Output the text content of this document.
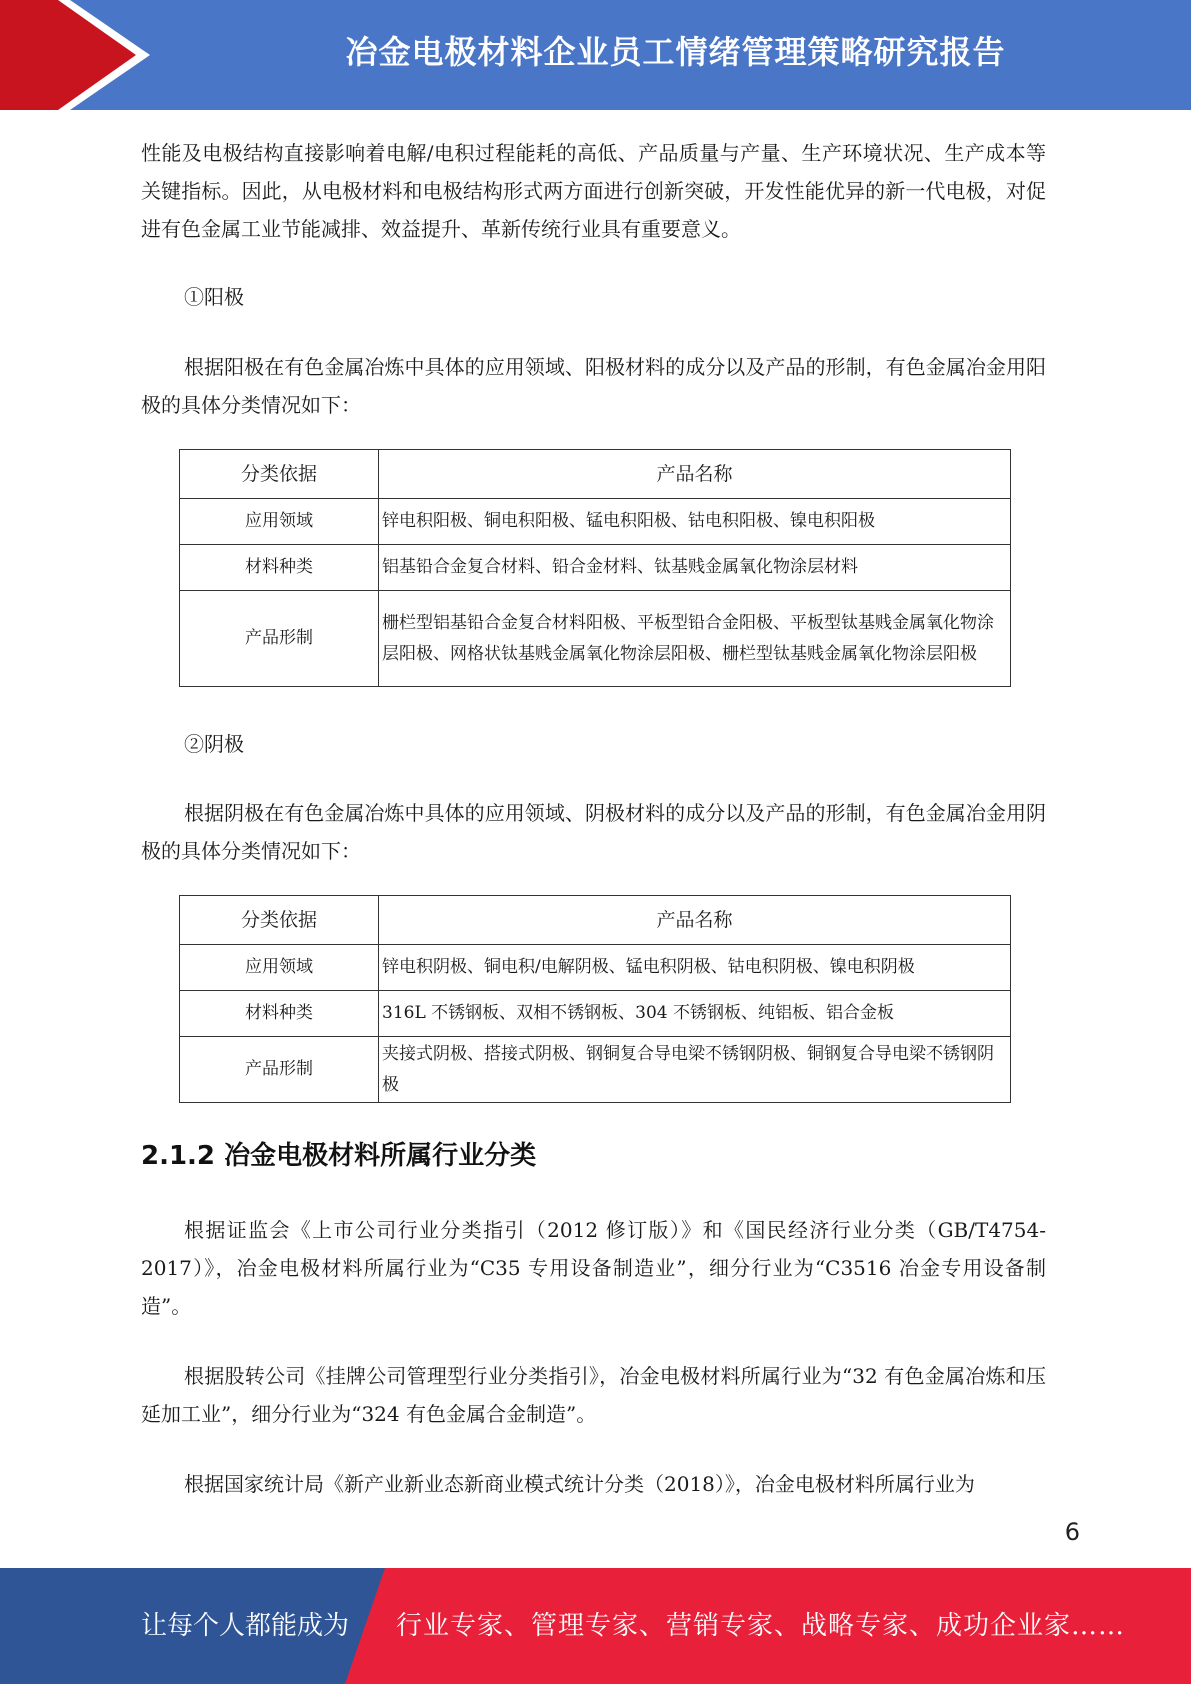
冶金电极材料企业员工情绪管理策略研究报告

性能及电极结构直接影响着电解/电积过程能耗的高低、产品质量与产量、生产环境状况、生产成本等关键指标。因此，从电极材料和电极结构形式两方面进行创新突破，开发性能优异的新一代电极，对促进有色金属工业节能减排、效益提升、革新传统行业具有重要意义。

①阳极

根据阳极在有色金属冶炼中具体的应用领域、阳极材料的成分以及产品的形制，有色金属冶金用阳极的具体分类情况如下：

分类依据	产品名称
应用领域	锌电积阳极、铜电积阳极、锰电积阳极、钴电积阳极、镍电积阳极
材料种类	铝基铅合金复合材料、铅合金材料、钛基贱金属氧化物涂层材料
产品形制	栅栏型铝基铅合金复合材料阳极、平板型铅合金阳极、平板型钛基贱金属氧化物涂层阳极、网格状钛基贱金属氧化物涂层阳极、栅栏型钛基贱金属氧化物涂层阳极

②阴极

根据阴极在有色金属冶炼中具体的应用领域、阴极材料的成分以及产品的形制，有色金属冶金用阴极的具体分类情况如下：

分类依据	产品名称
应用领域	锌电积阴极、铜电积/电解阴极、锰电积阴极、钴电积阴极、镍电积阴极
材料种类	316L 不锈钢板、双相不锈钢板、304 不锈钢板、纯铝板、铝合金板
产品形制	夹接式阴极、搭接式阴极、钢铜复合导电梁不锈钢阴极、铜钢复合导电梁不锈钢阴极
2.1.2 冶金电极材料所属行业分类

根据证监会《上市公司行业分类指引（2012 修订版）》和《国民经济行业分类（GB/T4754-2017）》，冶金电极材料所属行业为“C35 专用设备制造业”，细分行业为“C3516 冶金专用设备制造”。

根据股转公司《挂牌公司管理型行业分类指引》，冶金电极材料所属行业为“32 有色金属冶炼和压延加工业”，细分行业为“324 有色金属合金制造”。

根据国家统计局《新产业新业态新商业模式统计分类（2018）》，冶金电极材料所属行业为

6
让每个人都能成为 行业专家、管理专家、营销专家、战略专家、成功企业家……
